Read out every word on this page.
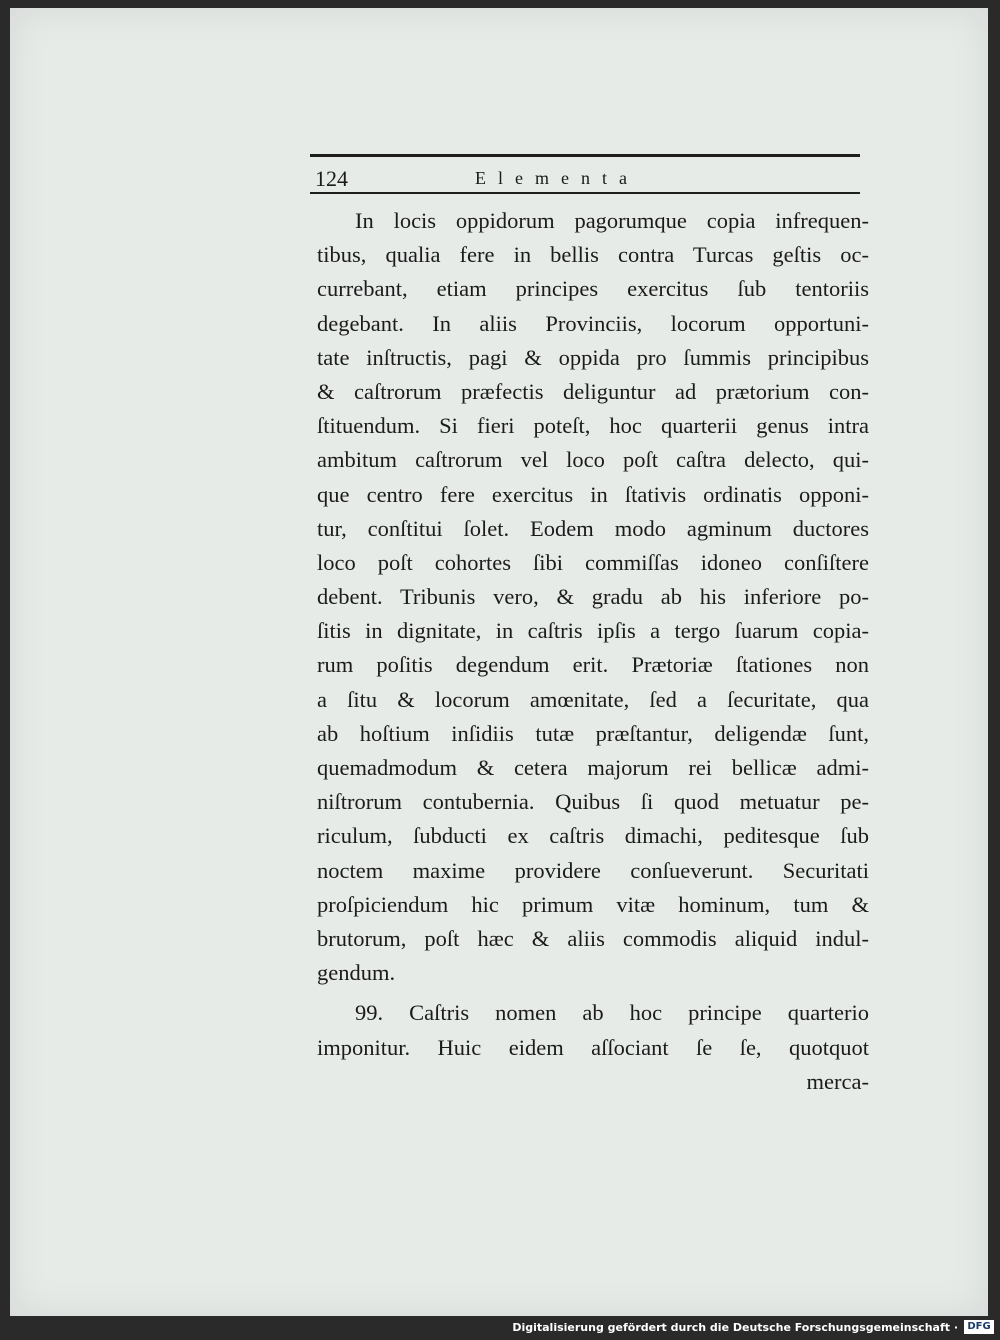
124	Elementa
In locis oppidorum pagorumque copia infrequen-
tibus, qualia fere in bellis contra Turcas geſtis oc-
currebant, etiam principes exercitus ſub tentoriis
degebant. In aliis Provinciis, locorum opportuni-
tate inſtructis, pagi & oppida pro ſummis principibus
& caſtrorum præfectis deliguntur ad prætorium con-
ſtituendum. Si fieri poteſt, hoc quarterii genus intra
ambitum caſtrorum vel loco poſt caſtra delecto, qui-
que centro fere exercitus in ſtativis ordinatis opponi-
tur, conſtitui ſolet. Eodem modo agminum ductores
loco poſt cohortes ſibi commiſſas idoneo conſiſtere
debent. Tribunis vero, & gradu ab his inferiore po-
ſitis in dignitate, in caſtris ipſis a tergo ſuarum copia-
rum poſitis degendum erit. Prætoriæ ſtationes non
a ſitu & locorum amœnitate, ſed a ſecuritate, qua
ab hoſtium inſidiis tutæ præſtantur, deligendæ ſunt,
quemadmodum & cetera majorum rei bellicæ admi-
niſtrorum contubernia. Quibus ſi quod metuatur pe-
riculum, ſubducti ex caſtris dimachi, peditesque ſub
noctem maxime providere conſueverunt. Securitati
proſpiciendum hic primum vitæ hominum, tum &
brutorum, poſt hæc & aliis commodis aliquid indul-
gendum.
99. Caſtris nomen ab hoc principe quarterio
imponitur. Huic eidem aſſociant ſe ſe, quotquot
merca-
Digitalisierung gefördert durch die Deutsche Forschungsgemeinschaft · DFG
